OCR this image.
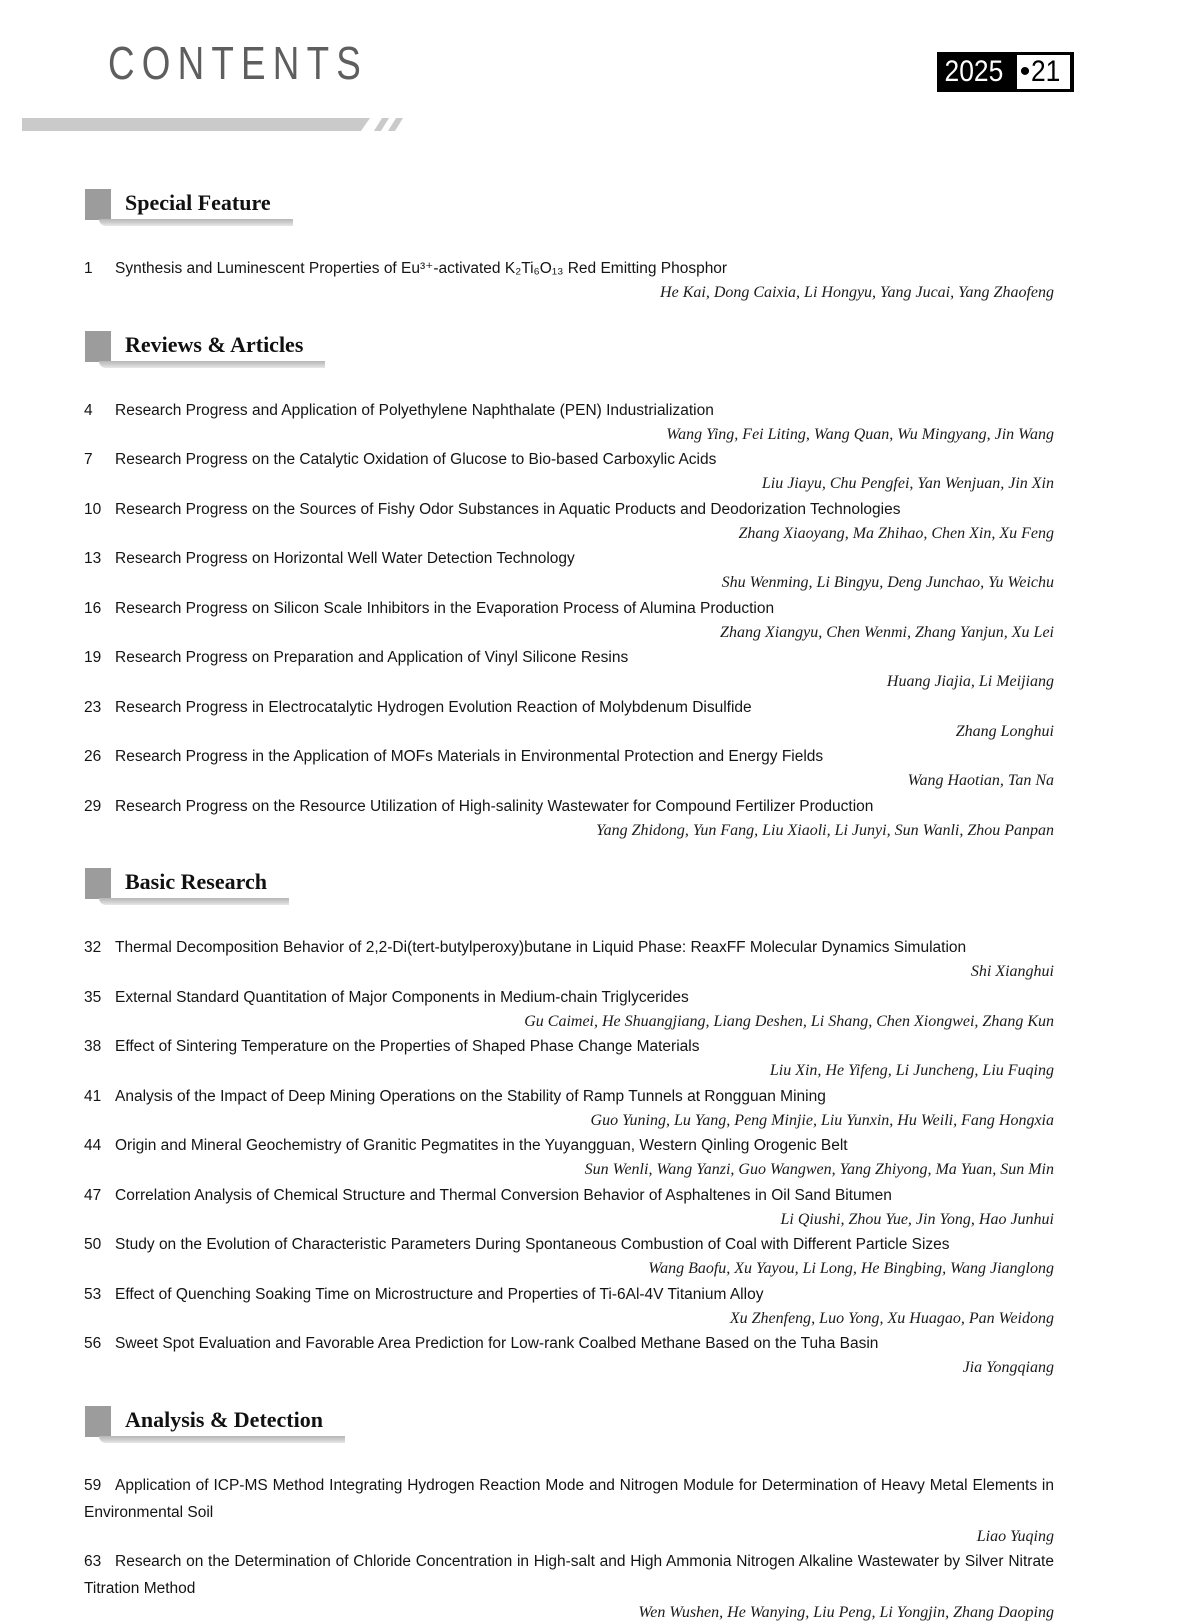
CONTENTS	2025 • 21
Special Feature

1 Synthesis and Luminescent Properties of Eu³⁺-activated K₂Ti₆O₁₃ Red Emitting Phosphor

He Kai, Dong Caixia, Li Hongyu, Yang Jucai, Yang Zhaofeng

Reviews & Articles

4 Research Progress and Application of Polyethylene Naphthalate (PEN) Industrialization

Wang Ying, Fei Liting, Wang Quan, Wu Mingyang, Jin Wang

7 Research Progress on the Catalytic Oxidation of Glucose to Bio-based Carboxylic Acids

Liu Jiayu, Chu Pengfei, Yan Wenjuan, Jin Xin

10 Research Progress on the Sources of Fishy Odor Substances in Aquatic Products and Deodorization Technologies

Zhang Xiaoyang, Ma Zhihao, Chen Xin, Xu Feng

13 Research Progress on Horizontal Well Water Detection Technology

Shu Wenming, Li Bingyu, Deng Junchao, Yu Weichu

16 Research Progress on Silicon Scale Inhibitors in the Evaporation Process of Alumina Production

Zhang Xiangyu, Chen Wenmi, Zhang Yanjun, Xu Lei

19 Research Progress on Preparation and Application of Vinyl Silicone Resins

Huang Jiajia, Li Meijiang

23 Research Progress in Electrocatalytic Hydrogen Evolution Reaction of Molybdenum Disulfide

Zhang Longhui

26 Research Progress in the Application of MOFs Materials in Environmental Protection and Energy Fields

Wang Haotian, Tan Na

29 Research Progress on the Resource Utilization of High-salinity Wastewater for Compound Fertilizer Production

Yang Zhidong, Yun Fang, Liu Xiaoli, Li Junyi, Sun Wanli, Zhou Panpan

Basic Research

32 Thermal Decomposition Behavior of 2,2-Di(tert-butylperoxy)butane in Liquid Phase: ReaxFF Molecular Dynamics Simulation

Shi Xianghui

35 External Standard Quantitation of Major Components in Medium-chain Triglycerides

Gu Caimei, He Shuangjiang, Liang Deshen, Li Shang, Chen Xiongwei, Zhang Kun

38 Effect of Sintering Temperature on the Properties of Shaped Phase Change Materials

Liu Xin, He Yifeng, Li Juncheng, Liu Fuqing

41 Analysis of the Impact of Deep Mining Operations on the Stability of Ramp Tunnels at Rongguan Mining

Guo Yuning, Lu Yang, Peng Minjie, Liu Yunxin, Hu Weili, Fang Hongxia

44 Origin and Mineral Geochemistry of Granitic Pegmatites in the Yuyangguan, Western Qinling Orogenic Belt

Sun Wenli, Wang Yanzi, Guo Wangwen, Yang Zhiyong, Ma Yuan, Sun Min

47 Correlation Analysis of Chemical Structure and Thermal Conversion Behavior of Asphaltenes in Oil Sand Bitumen

Li Qiushi, Zhou Yue, Jin Yong, Hao Junhui

50 Study on the Evolution of Characteristic Parameters During Spontaneous Combustion of Coal with Different Particle Sizes

Wang Baofu, Xu Yayou, Li Long, He Bingbing, Wang Jianglong

53 Effect of Quenching Soaking Time on Microstructure and Properties of Ti-6Al-4V Titanium Alloy

Xu Zhenfeng, Luo Yong, Xu Huagao, Pan Weidong

56 Sweet Spot Evaluation and Favorable Area Prediction for Low-rank Coalbed Methane Based on the Tuha Basin

Jia Yongqiang

Analysis & Detection

59 Application of ICP-MS Method Integrating Hydrogen Reaction Mode and Nitrogen Module for Determination of Heavy Metal Elements in Environmental Soil

Liao Yuqing

63 Research on the Determination of Chloride Concentration in High-salt and High Ammonia Nitrogen Alkaline Wastewater by Silver Nitrate Titration Method

Wen Wushen, He Wanying, Liu Peng, Li Yongjin, Zhang Daoping
